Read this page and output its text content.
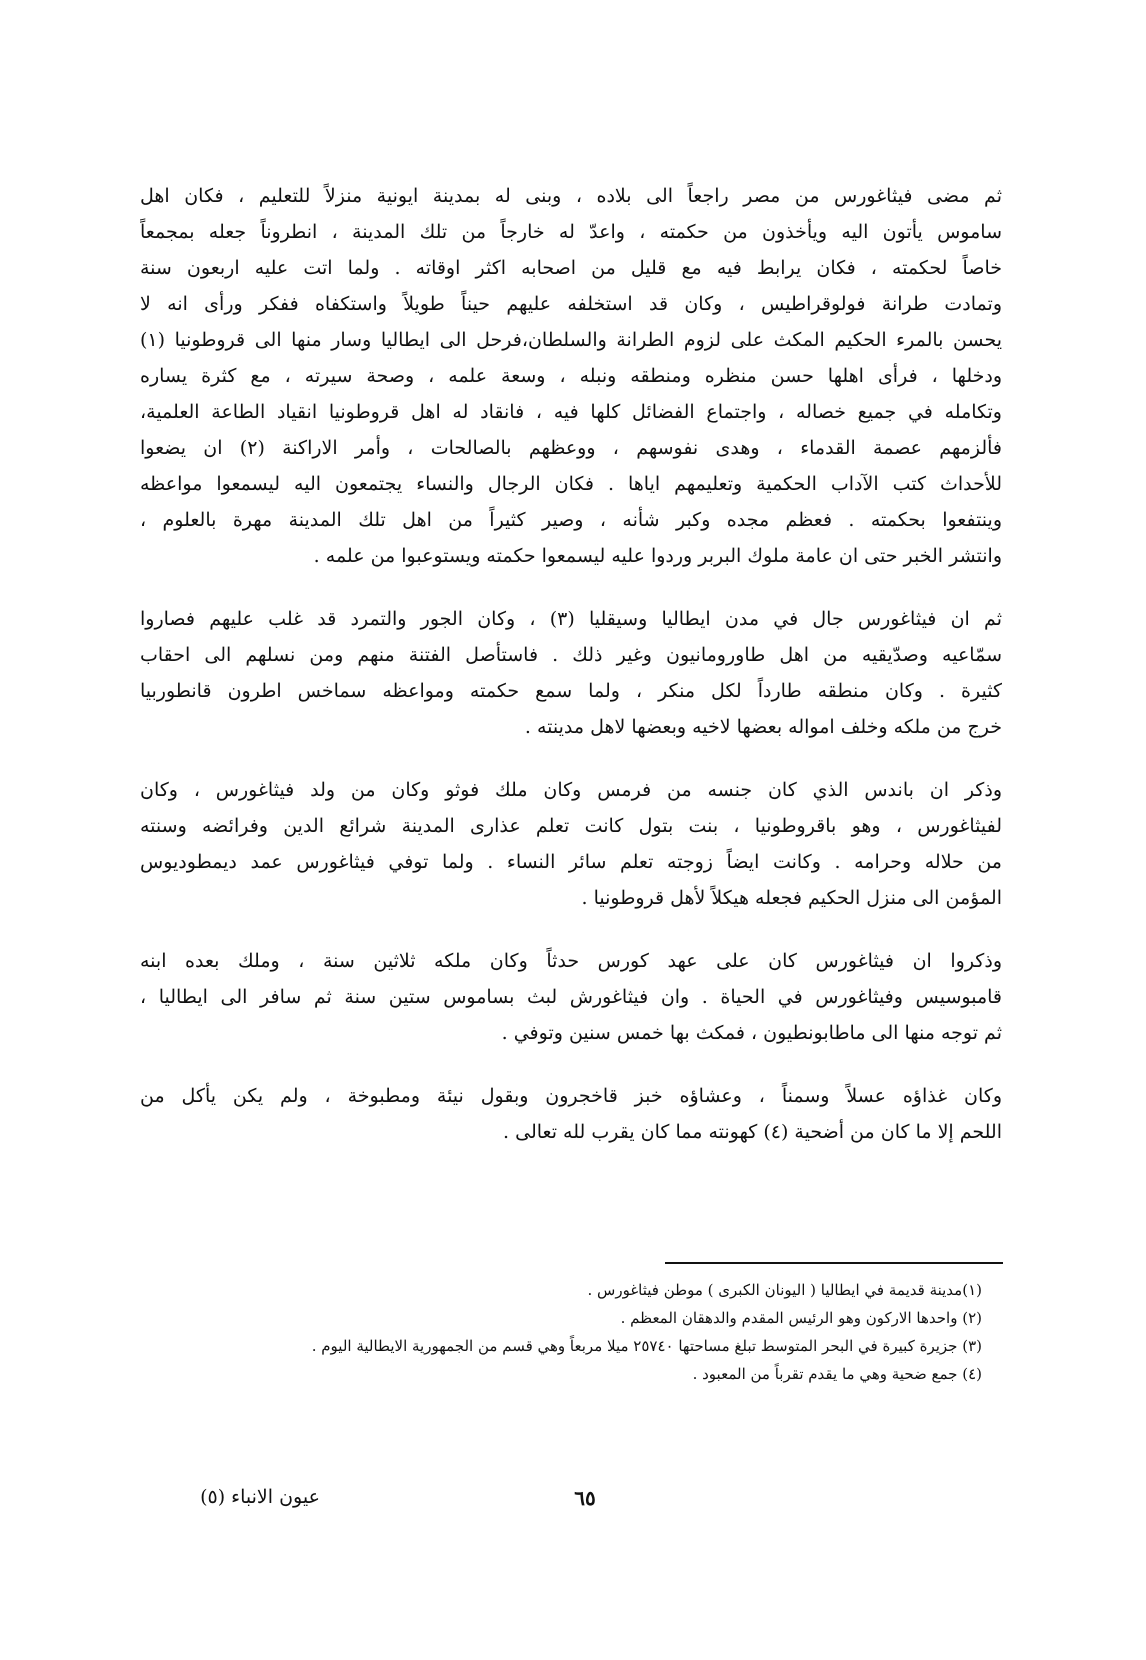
ثم مضى فيثاغورس من مصر راجعاً الى بلاده ، وبنى له بمدينة ايونية منزلاً للتعليم ، فكان اهل
ساموس يأتون اليه ويأخذون من حكمته ، واعدّ له خارجاً من تلك المدينة ، انطروناً جعله بمجمعاً
خاصاً لحكمته ، فكان يرابط فيه مع قليل من اصحابه اكثر اوقاته . ولما اتت عليه اربعون سنة
وتمادت طرانة فولوقراطيس ، وكان قد استخلفه عليهم حيناً طويلاً واستكفاه ففكر ورأى انه لا
يحسن بالمرء الحكيم المكث على لزوم الطرانة والسلطان،فرحل الى ايطاليا وسار منها الى قروطونيا (١)
ودخلها ، فرأى اهلها حسن منظره ومنطقه ونبله ، وسعة علمه ، وصحة سيرته ، مع كثرة يساره
وتكامله في جميع خصاله ، واجتماع الفضائل كلها فيه ، فانقاد له اهل قروطونيا انقياد الطاعة العلمية،
فألزمهم عصمة القدماء ، وهدى نفوسهم ، ووعظهم بالصالحات ، وأمر الاراكنة (٢) ان يضعوا
للأحداث كتب الآداب الحكمية وتعليمهم اياها . فكان الرجال والنساء يجتمعون اليه ليسمعوا مواعظه
وينتفعوا بحكمته . فعظم مجده وكبر شأنه ، وصير كثيراً من اهل تلك المدينة مهرة بالعلوم ،
وانتشر الخبر حتى ان عامة ملوك البربر وردوا عليه ليسمعوا حكمته ويستوعبوا من علمه .
ثم ان فيثاغورس جال في مدن ايطاليا وسيقليا (٣) ، وكان الجور والتمرد قد غلب عليهم فصاروا
سمّاعيه وصدّيقيه من اهل طاورومانيون وغير ذلك . فاستأصل الفتنة منهم ومن نسلهم الى احقاب
كثيرة . وكان منطقه طارداً لكل منكر ، ولما سمع حكمته ومواعظه سماخس اطرون قانطوربيا
خرج من ملكه وخلف امواله بعضها لاخيه وبعضها لاهل مدينته .
وذكر ان باندس الذي كان جنسه من فرمس وكان ملك فوثو وكان من ولد فيثاغورس ، وكان
لفيثاغورس ، وهو باقروطونيا ، بنت بتول كانت تعلم عذارى المدينة شرائع الدين وفرائضه وسنته
من حلاله وحرامه . وكانت ايضاً زوجته تعلم سائر النساء . ولما توفي فيثاغورس عمد ديمطوديوس
المؤمن الى منزل الحكيم فجعله هيكلاً لأهل قروطونيا .
وذكروا ان فيثاغورس كان على عهد كورس حدثاً وكان ملكه ثلاثين سنة ، وملك بعده ابنه
قامبوسيس وفيثاغورس في الحياة . وان فيثاغورش لبث بساموس ستين سنة ثم سافر الى ايطاليا ،
ثم توجه منها الى ماطابونطيون ، فمكث بها خمس سنين وتوفي .
وكان غذاؤه عسلاً وسمناً ، وعشاؤه خبز قاخجرون وبقول نيئة ومطبوخة ، ولم يكن يأكل من
اللحم إلا ما كان من أضحية (٤) كهونته مما كان يقرب لله تعالى .
(١)مدينة قديمة في ايطاليا ( اليونان الكبرى ) موطن فيثاغورس .
(٢) واحدها الاركون وهو الرئيس المقدم والدهقان المعظم .
(٣) جزيرة كبيرة في البحر المتوسط تبلغ مساحتها ٢٥٧٤٠ ميلا مربعاً وهي قسم من الجمهورية الايطالية اليوم .
(٤) جمع ضحية وهي ما يقدم تقرباً من المعبود .
٦٥
عيون الانباء (٥)
